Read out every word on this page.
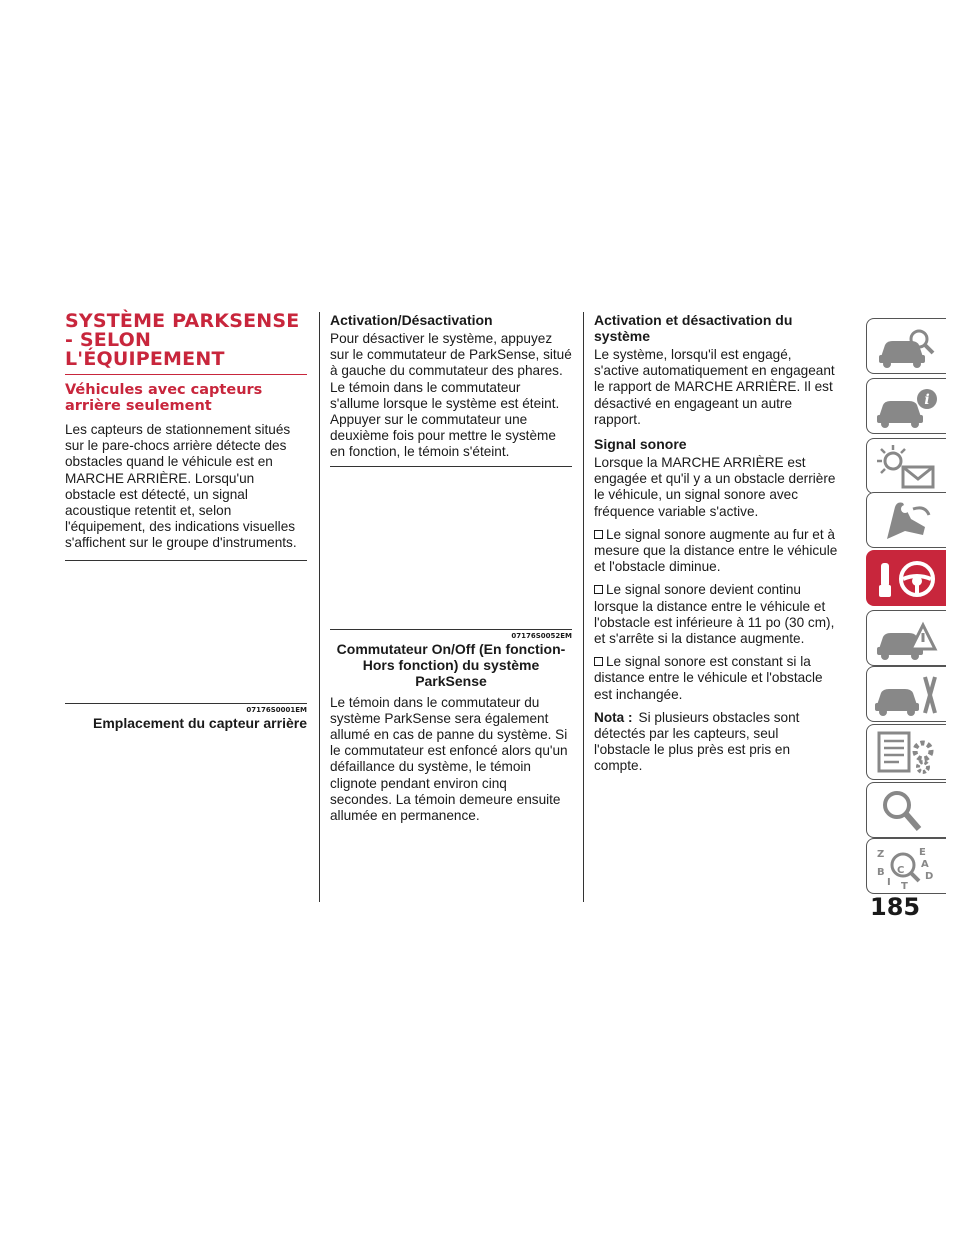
SYSTÈME PARKSENSE - SELON L'ÉQUIPEMENT
Véhicules avec capteurs arrière seulement

Les capteurs de stationnement situés sur le pare-chocs arrière détecte des obstacles quand le véhicule est en MARCHE ARRIÈRE. Lorsqu'un obstacle est détecté, un signal acoustique retentit et, selon l'équipement, des indications visuelles s'affichent sur le groupe d'instruments.

07176S0001EM
Emplacement du capteur arrière
Activation/Désactivation

Pour désactiver le système, appuyez sur le commutateur de ParkSense, situé à gauche du commutateur des phares. Le témoin dans le commutateur s'allume lorsque le système est éteint. Appuyer sur le commutateur une deuxième fois pour mettre le système en fonction, le témoin s'éteint.

07176S0052EM
Commutateur On/Off (En fonction-Hors fonction) du système ParkSense

Le témoin dans le commutateur du système ParkSense sera également allumé en cas de panne du système. Si le commutateur est enfoncé alors qu'un défaillance du système, le témoin clignote pendant environ cinq secondes. La témoin demeure ensuite allumée en permanence.

Activation et désactivation du système

Le système, lorsqu'il est engagé, s'active automatiquement en engageant le rapport de MARCHE ARRIÈRE. Il est désactivé en engageant un autre rapport.

Signal sonore

Lorsque la MARCHE ARRIÈRE est engagée et qu'il y a un obstacle derrière le véhicule, un signal sonore avec fréquence variable s'active.

Le signal sonore augmente au fur et à mesure que la distance entre le véhicule et l'obstacle diminue.

Le signal sonore devient continu lorsque la distance entre le véhicule et l'obstacle est inférieure à 11 po (30 cm), et s'arrête si la distance augmente.

Le signal sonore est constant si la distance entre le véhicule et l'obstacle est inchangée.

Nota : Si plusieurs obstacles sont détectés par les capteurs, seul l'obstacle le plus près est pris en compte.

i
Z	E
A
B C
T
D
I
185
